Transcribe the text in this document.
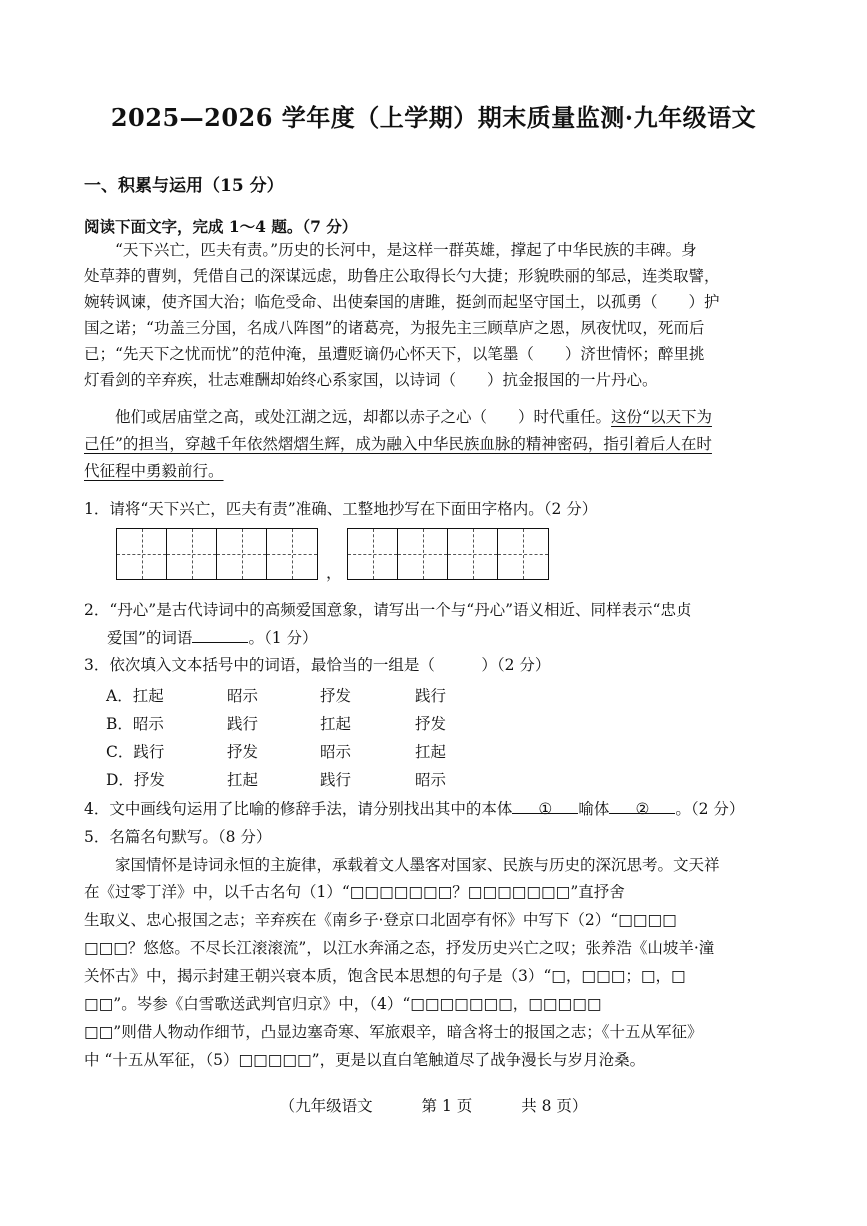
2025—2026 学年度（上学期）期末质量监测·九年级语文
一、积累与运用（15 分）
阅读下面文字，完成 1～4 题。（7 分）
“天下兴亡，匹夫有责。”历史的长河中，是这样一群英雄，撑起了中华民族的丰碑。身
处草莽的曹刿，凭借自己的深谋远虑，助鲁庄公取得长勺大捷；形貌昳丽的邹忌，连类取譬，
婉转讽谏，使齐国大治；临危受命、出使秦国的唐雎，挺剑而起坚守国土，以孤勇（　　）护
国之诺；“功盖三分国，名成八阵图”的诸葛亮，为报先主三顾草庐之恩，夙夜忧叹，死而后
已；“先天下之忧而忧”的范仲淹，虽遭贬谪仍心怀天下，以笔墨（　　）济世情怀；醉里挑
灯看剑的辛弃疾，壮志难酬却始终心系家国，以诗词（　　）抗金报国的一片丹心。
他们或居庙堂之高，或处江湖之远，却都以赤子之心（　　）时代重任。这份“以天下为
己任”的担当，穿越千年依然熠熠生辉，成为融入中华民族血脉的精神密码，指引着后人在时
代征程中勇毅前行。
1．请将“天下兴亡，匹夫有责”准确、工整地抄写在下面田字格内。（2 分）
，
2．“丹心”是古代诗词中的高频爱国意象，请写出一个与“丹心”语义相近、同样表示“忠贞
爱国”的词语	。（1 分）
3．依次填入文本括号中的词语，最恰当的一组是（　　　）（2 分）
A．扛起	昭示	抒发	践行
B．昭示	践行	扛起	抒发
C．践行	抒发	昭示	扛起
D．抒发	扛起	践行	昭示
4．文中画线句运用了比喻的修辞手法，请分别找出其中的本体 ① 喻体 ② 。（2 分）
5．名篇名句默写。（8 分）
家国情怀是诗词永恒的主旋律，承载着文人墨客对国家、民族与历史的深沉思考。文天祥
在《过零丁洋》中，以千古名句（1）“□□□□□□□？□□□□□□□”直抒舍
生取义、忠心报国之志；辛弃疾在《南乡子·登京口北固亭有怀》中写下（2）“□□□□
□□□？悠悠。不尽长江滚滚流”，以江水奔涌之态，抒发历史兴亡之叹；张养浩《山坡羊·潼
关怀古》中，揭示封建王朝兴衰本质，饱含民本思想的句子是（3）“□，□□□；□，□
□□”。岑参《白雪歌送武判官归京》中，（4）“□□□□□□□，□□□□□
□□”则借人物动作细节，凸显边塞奇寒、军旅艰辛，暗含将士的报国之志；《十五从军征》
中 “十五从军征，（5）□□□□□”，更是以直白笔触道尽了战争漫长与岁月沧桑。
（九年级语文	第 1 页	共 8 页）
